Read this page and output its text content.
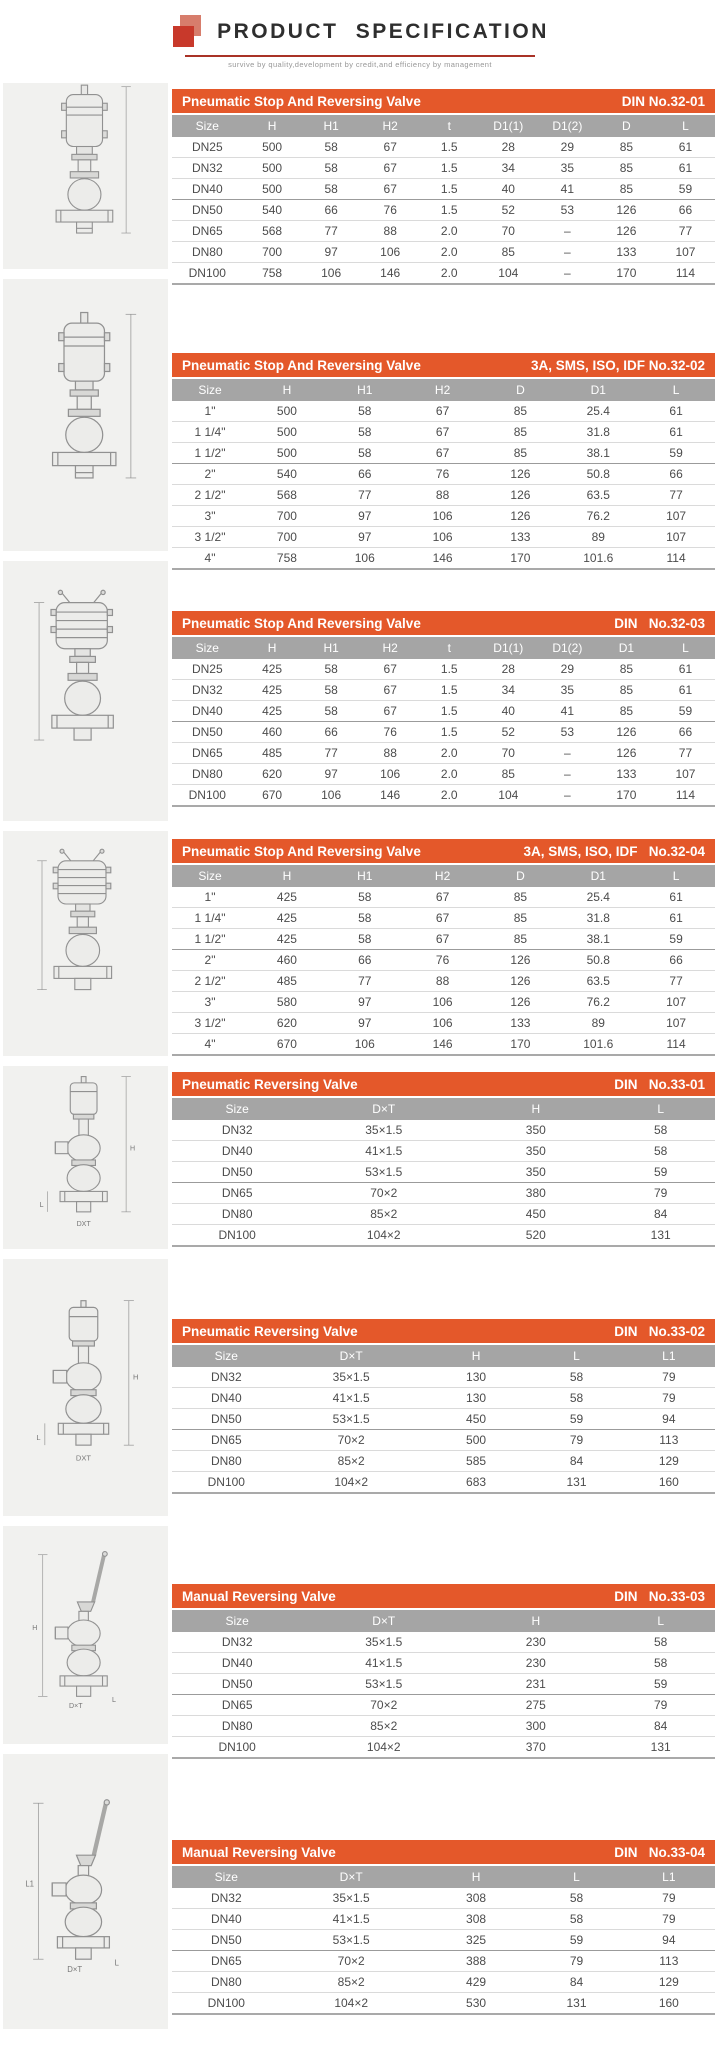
PRODUCT SPECIFICATION
survive by quality,development by credit,and efficiency by management
Pneumatic Stop And Reversing Valve	DIN No.32-01
Size	H	H1	H2	t	D1(1)	D1(2)	D	L
DN25	500	58	67	1.5	28	29	85	61
DN32	500	58	67	1.5	34	35	85	61
DN40	500	58	67	1.5	40	41	85	59
DN50	540	66	76	1.5	52	53	126	66
DN65	568	77	88	2.0	70	–	126	77
DN80	700	97	106	2.0	85	–	133	107
DN100	758	106	146	2.0	104	–	170	114
Pneumatic Stop And Reversing Valve	3A, SMS, ISO, IDF No.32-02
Size	H	H1	H2	D	D1	L
1"	500	58	67	85	25.4	61
1 1/4"	500	58	67	85	31.8	61
1 1/2"	500	58	67	85	38.1	59
2"	540	66	76	126	50.8	66
2 1/2"	568	77	88	126	63.5	77
3"	700	97	106	126	76.2	107
3 1/2"	700	97	106	133	89	107
4"	758	106	146	170	101.6	114
Pneumatic Stop And Reversing Valve	DIN   No.32-03
Size	H	H1	H2	t	D1(1)	D1(2)	D1	L
DN25	425	58	67	1.5	28	29	85	61
DN32	425	58	67	1.5	34	35	85	61
DN40	425	58	67	1.5	40	41	85	59
DN50	460	66	76	1.5	52	53	126	66
DN65	485	77	88	2.0	70	–	126	77
DN80	620	97	106	2.0	85	–	133	107
DN100	670	106	146	2.0	104	–	170	114
Pneumatic Stop And Reversing Valve	3A, SMS, ISO, IDF   No.32-04
Size	H	H1	H2	D	D1	L
1"	425	58	67	85	25.4	61
1 1/4"	425	58	67	85	31.8	61
1 1/2"	425	58	67	85	38.1	59
2"	460	66	76	126	50.8	66
2 1/2"	485	77	88	126	63.5	77
3"	580	97	106	126	76.2	107
3 1/2"	620	97	106	133	89	107
4"	670	106	146	170	101.6	114
H
L
DXT
Pneumatic Reversing Valve	DIN   No.33-01
Size	D×T	H	L
DN32	35×1.5	350	58
DN40	41×1.5	350	58
DN50	53×1.5	350	59
DN65	70×2	380	79
DN80	85×2	450	84
DN100	104×2	520	131
H
L
DXT
Pneumatic Reversing Valve	DIN   No.33-02
Size	D×T	H	L	L1
DN32	35×1.5	130	58	79
DN40	41×1.5	130	58	79
DN50	53×1.5	450	59	94
DN65	70×2	500	79	113
DN80	85×2	585	84	129
DN100	104×2	683	131	160
H
D×T
L
Manual Reversing Valve	DIN   No.33-03
Size	D×T	H	L
DN32	35×1.5	230	58
DN40	41×1.5	230	58
DN50	53×1.5	231	59
DN65	70×2	275	79
DN80	85×2	300	84
DN100	104×2	370	131
L1
D×T
L
Manual Reversing Valve	DIN   No.33-04
Size	D×T	H	L	L1
DN32	35×1.5	308	58	79
DN40	41×1.5	308	58	79
DN50	53×1.5	325	59	94
DN65	70×2	388	79	113
DN80	85×2	429	84	129
DN100	104×2	530	131	160
